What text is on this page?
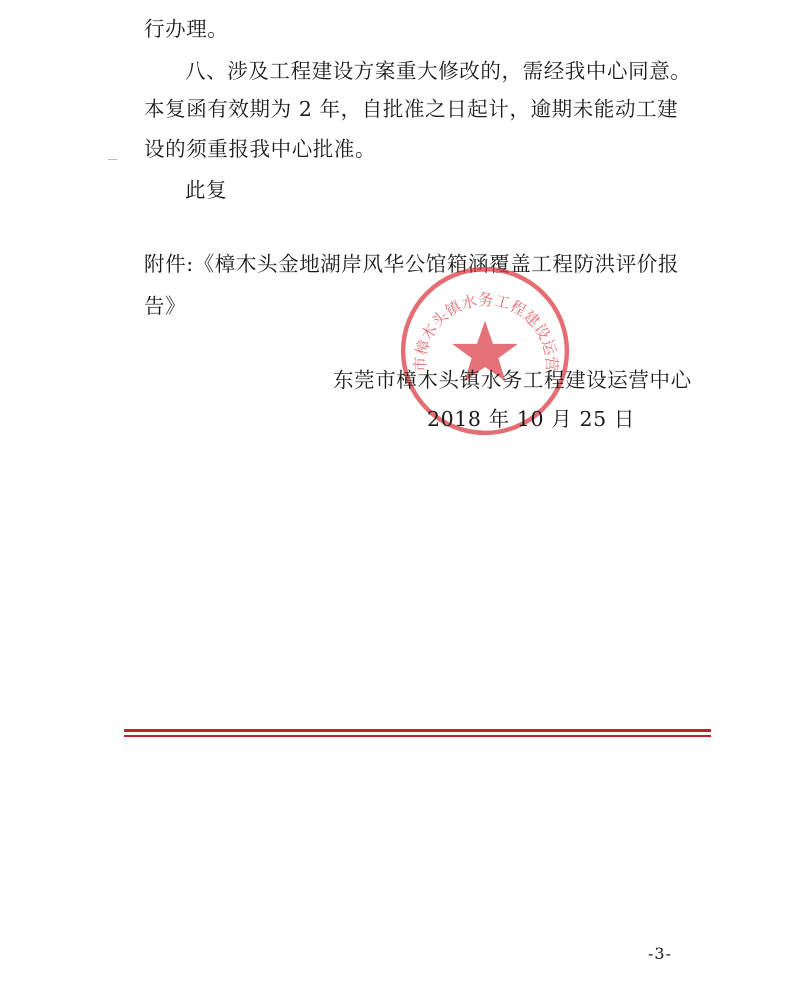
行办理。
八、涉及工程建设方案重大修改的，需经我中心同意。
本复函有效期为 2 年，自批准之日起计，逾期未能动工建
设的须重报我中心批准。
此复
附件:《樟木头金地湖岸风华公馆箱涵覆盖工程防洪评价报
告》
市樟木头镇水务工程建设运营
东莞市樟木头镇水务工程建设运营中心
2018 年 10 月 25 日
-3-
